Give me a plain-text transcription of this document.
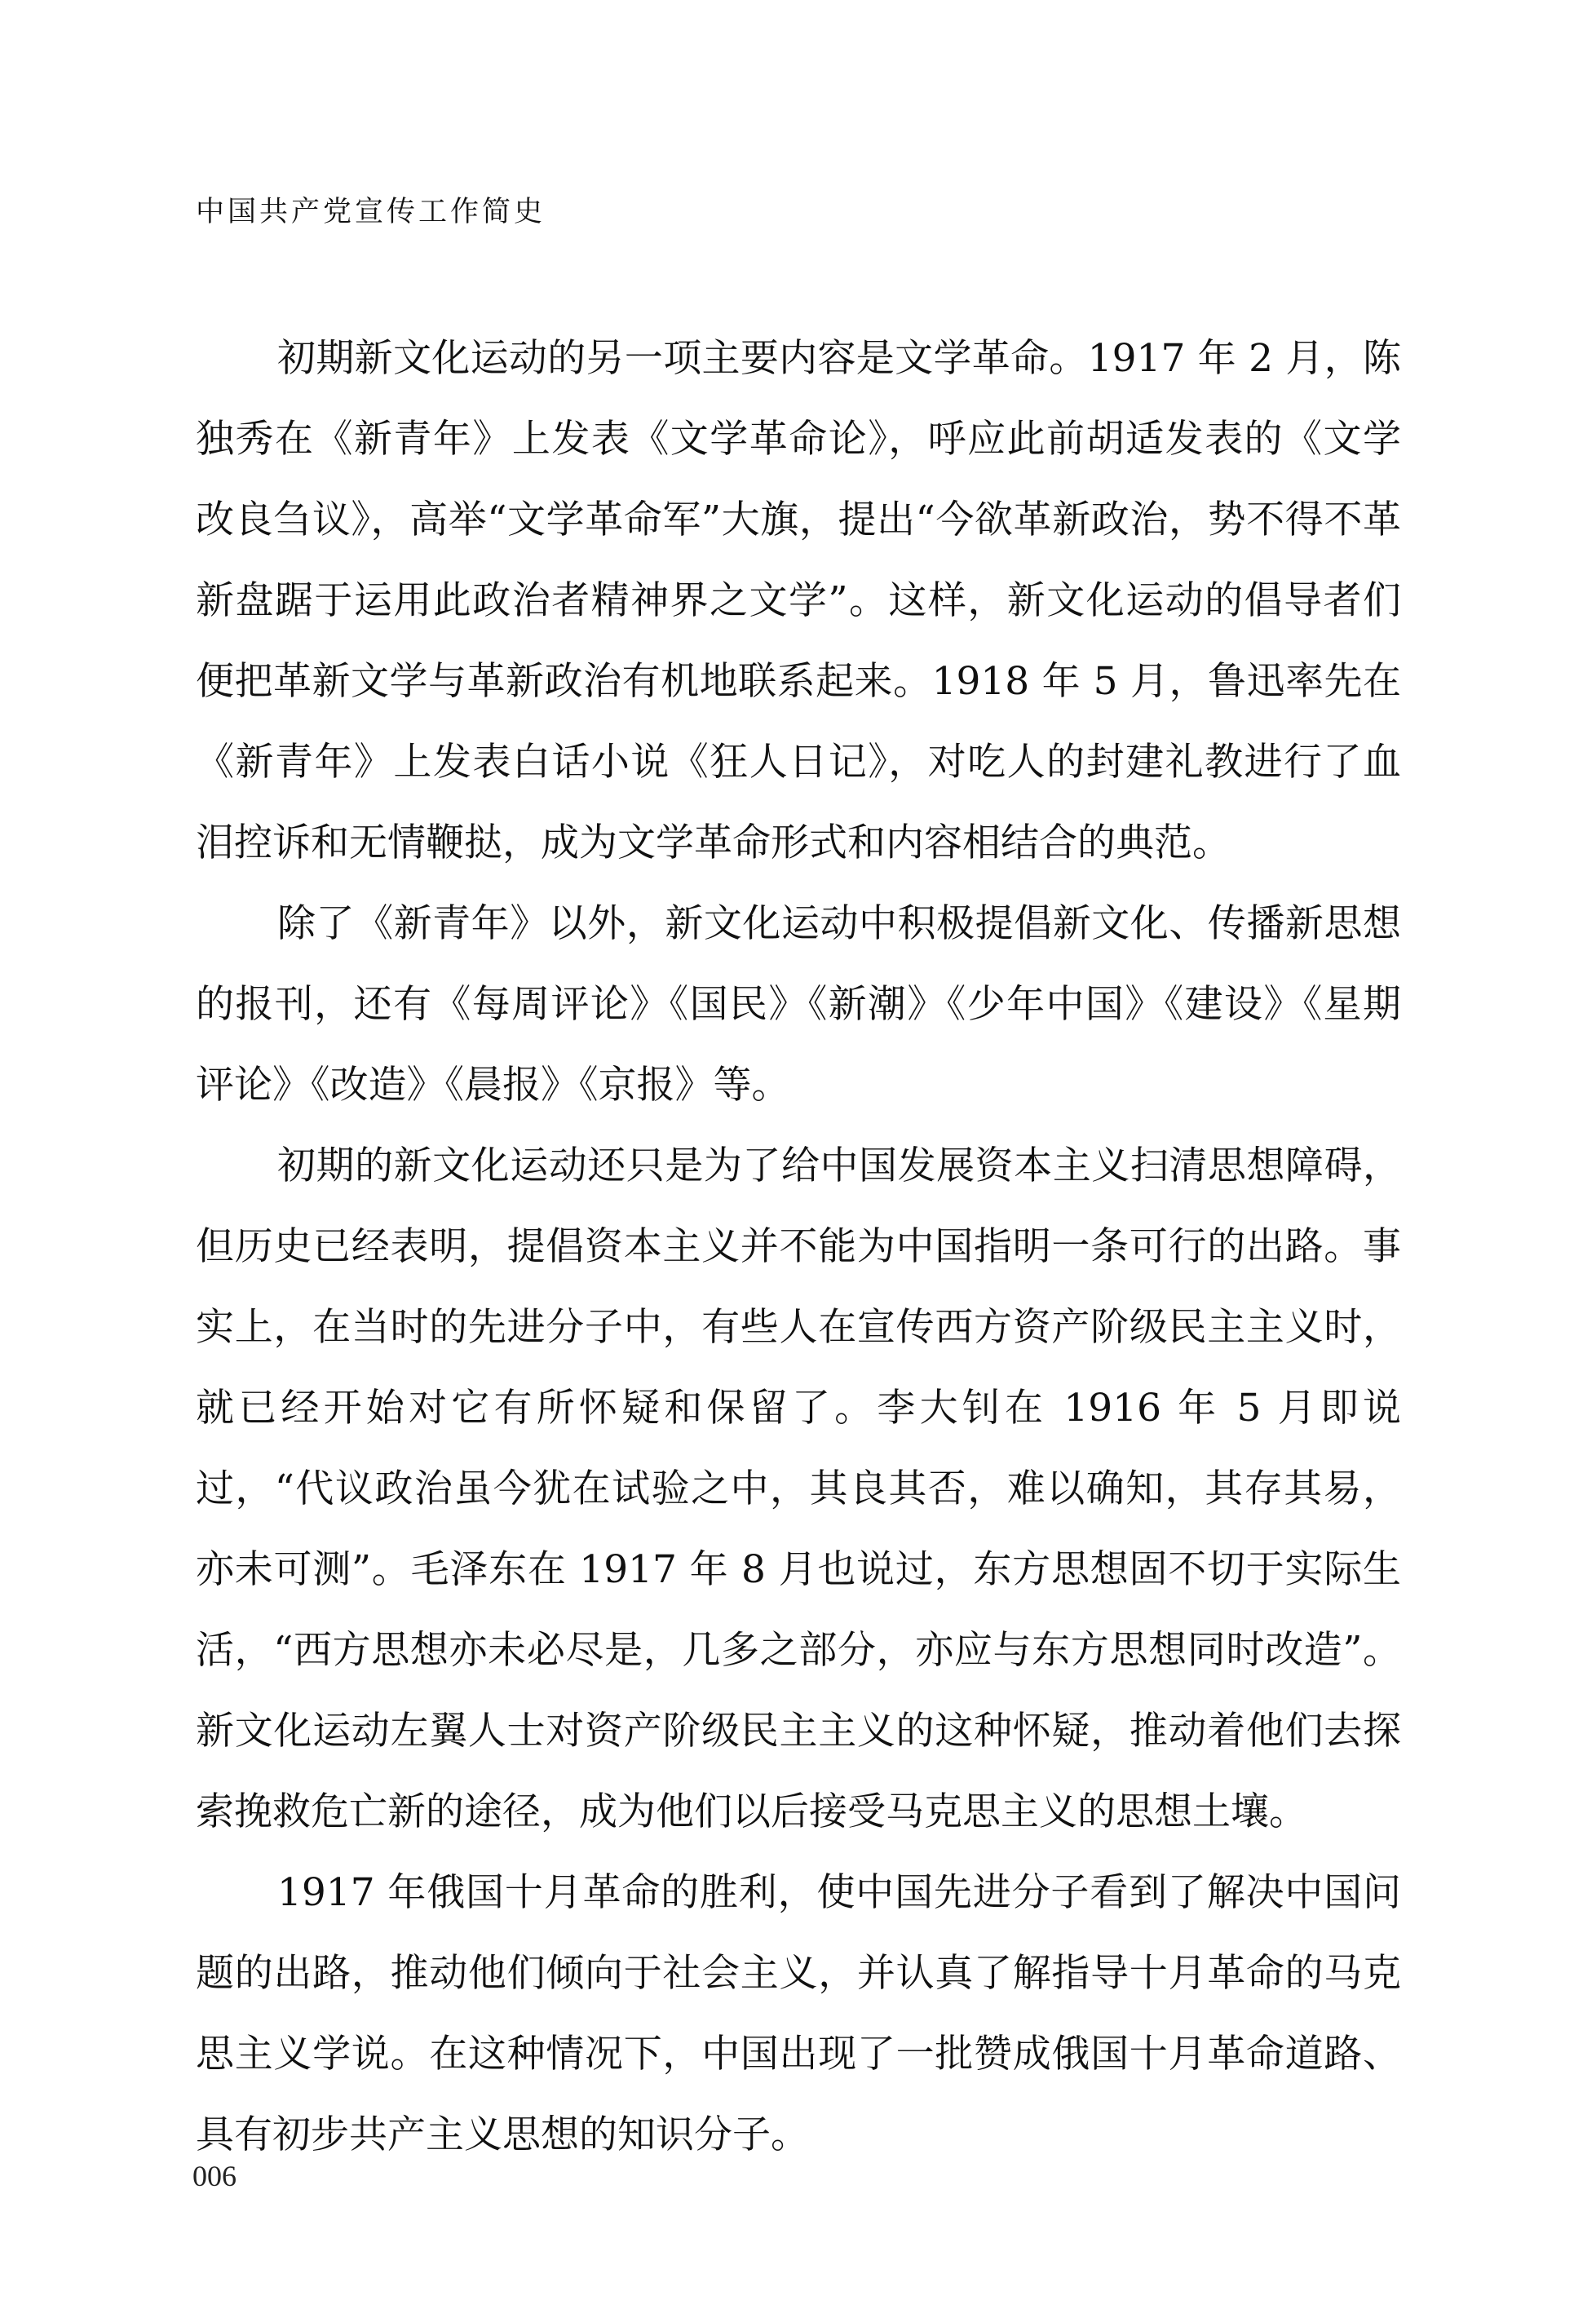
中国共产党宣传工作简史

初期新文化运动的另一项主要内容是文学革命。1917 年 2 月，陈独秀在《新青年》上发表《文学革命论》，呼应此前胡适发表的《文学改良刍议》，高举“文学革命军”大旗，提出“今欲革新政治，势不得不革新盘踞于运用此政治者精神界之文学”。这样，新文化运动的倡导者们便把革新文学与革新政治有机地联系起来。1918 年 5 月，鲁迅率先在《新青年》上发表白话小说《狂人日记》，对吃人的封建礼教进行了血泪控诉和无情鞭挞，成为文学革命形式和内容相结合的典范。

除了《新青年》以外，新文化运动中积极提倡新文化、传播新思想的报刊，还有《每周评论》《国民》《新潮》《少年中国》《建设》《星期评论》《改造》《晨报》《京报》等。

初期的新文化运动还只是为了给中国发展资本主义扫清思想障碍，但历史已经表明，提倡资本主义并不能为中国指明一条可行的出路。事实上，在当时的先进分子中，有些人在宣传西方资产阶级民主主义时，就已经开始对它有所怀疑和保留了。李大钊在 1916 年 5 月即说过，“代议政治虽今犹在试验之中，其良其否，难以确知，其存其易，亦未可测”。毛泽东在 1917 年 8 月也说过，东方思想固不切于实际生活，“西方思想亦未必尽是，几多之部分，亦应与东方思想同时改造”。新文化运动左翼人士对资产阶级民主主义的这种怀疑，推动着他们去探索挽救危亡新的途径，成为他们以后接受马克思主义的思想土壤。

1917 年俄国十月革命的胜利，使中国先进分子看到了解决中国问题的出路，推动他们倾向于社会主义，并认真了解指导十月革命的马克思主义学说。在这种情况下，中国出现了一批赞成俄国十月革命道路、具有初步共产主义思想的知识分子。

006
